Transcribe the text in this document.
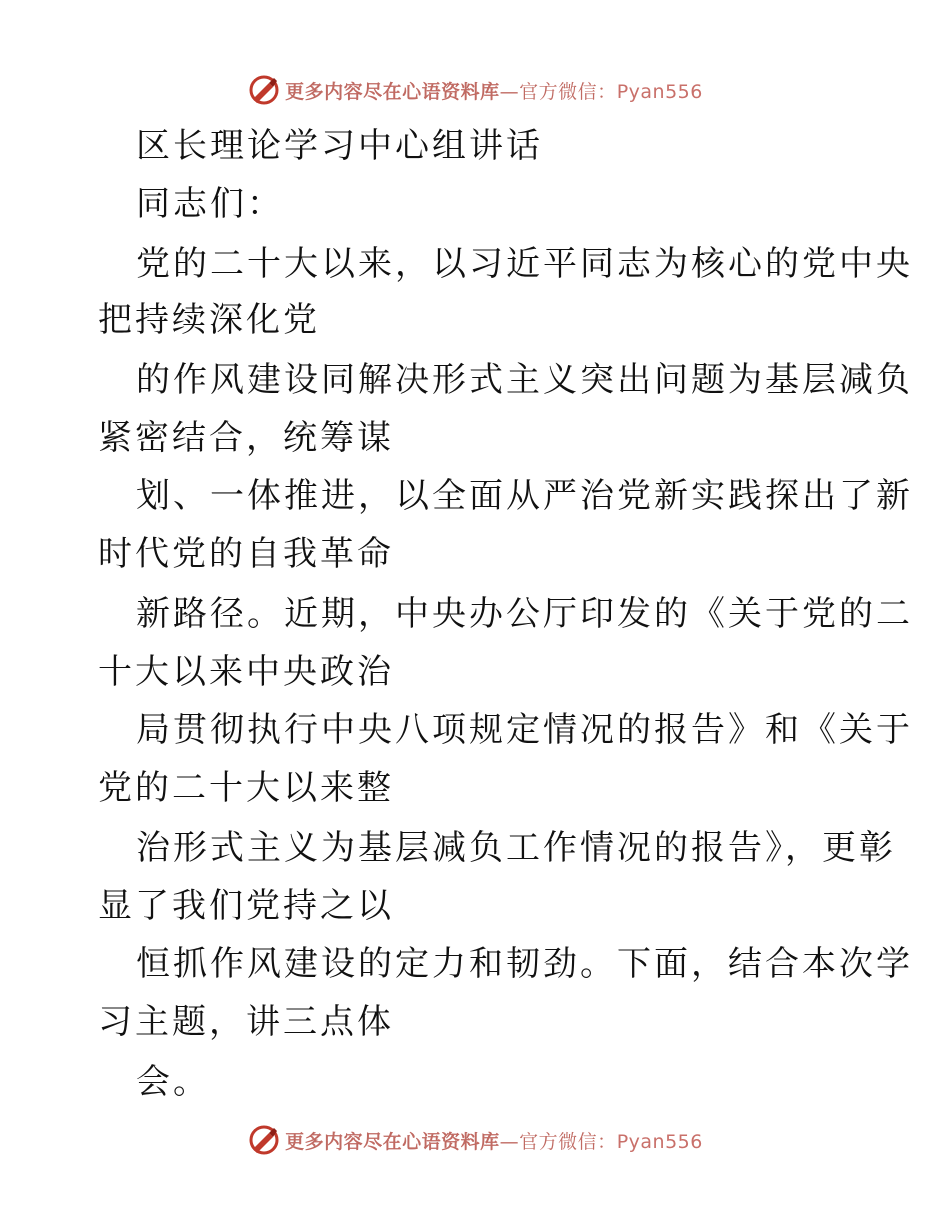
更多内容尽在心语资料库—官方微信：Pyan556
区长理论学习中心组讲话
同志们：
党的二十大以来，以习近平同志为核心的党中央
把持续深化党
的作风建设同解决形式主义突出问题为基层减负
紧密结合，统筹谋
划、一体推进，以全面从严治党新实践探出了新
时代党的自我革命
新路径。近期，中央办公厅印发的《关于党的二
十大以来中央政治
局贯彻执行中央八项规定情况的报告》和《关于
党的二十大以来整
治形式主义为基层减负工作情况的报告》，更彰
显了我们党持之以
恒抓作风建设的定力和韧劲。下面，结合本次学
习主题，讲三点体
会。
更多内容尽在心语资料库—官方微信：Pyan556
